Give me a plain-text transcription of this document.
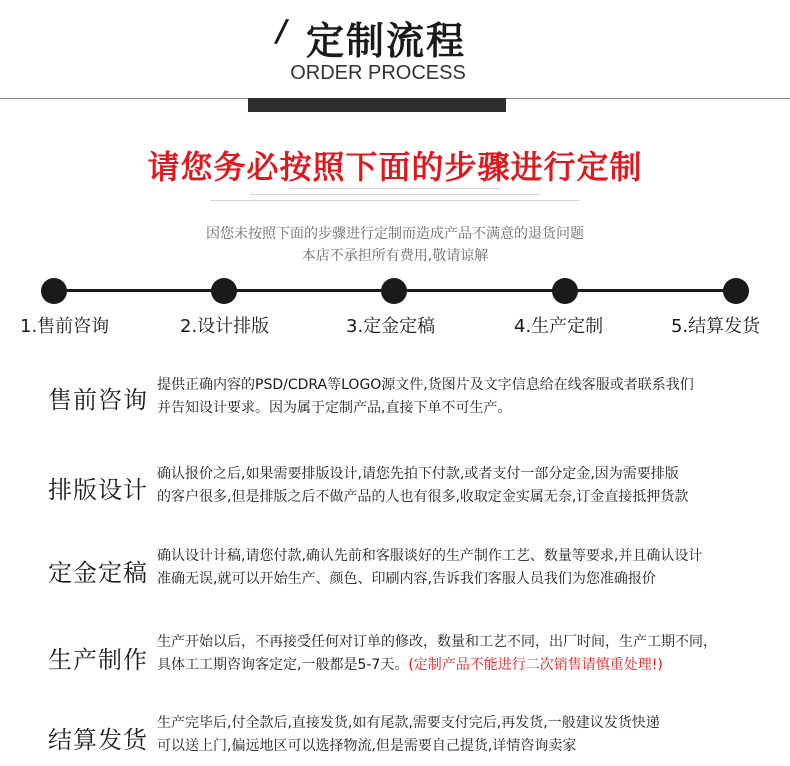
/ 定制流程
ORDER PROCESS
请您务必按照下面的步骤进行定制
因您未按照下面的步骤进行定制而造成产品不满意的退货问题
本店不承担所有费用,敬请谅解
1.售前咨询	2.设计排版	3.定金定稿	4.生产定制	5.结算发货
售前咨询
提供正确内容的PSD/CDRA等LOGO源文件,货图片及文字信息给在线客服或者联系我们
并告知设计要求。因为属于定制产品,直接下单不可生产。
排版设计
确认报价之后,如果需要排版设计,请您先拍下付款,或者支付一部分定金,因为需要排版
的客户很多,但是排版之后不做产品的人也有很多,收取定金实属无奈,订金直接抵押货款
定金定稿
确认设计计稿,请您付款,确认先前和客服谈好的生产制作工艺、数量等要求,并且确认设计
准确无误,就可以开始生产、颜色、印刷内容,告诉我们客服人员我们为您准确报价
生产制作
生产开始以后，不再接受任何对订单的修改，数量和工艺不同，出厂时间，生产工期不同，
具体工工期咨询客定定,一般都是5-7天。(定制产品不能进行二次销售请慎重处理!)
结算发货
生产完毕后,付全款后,直接发货,如有尾款,需要支付完后,再发货,一般建议发货快递
可以送上门,偏远地区可以选择物流,但是需要自己提货,详情咨询卖家
